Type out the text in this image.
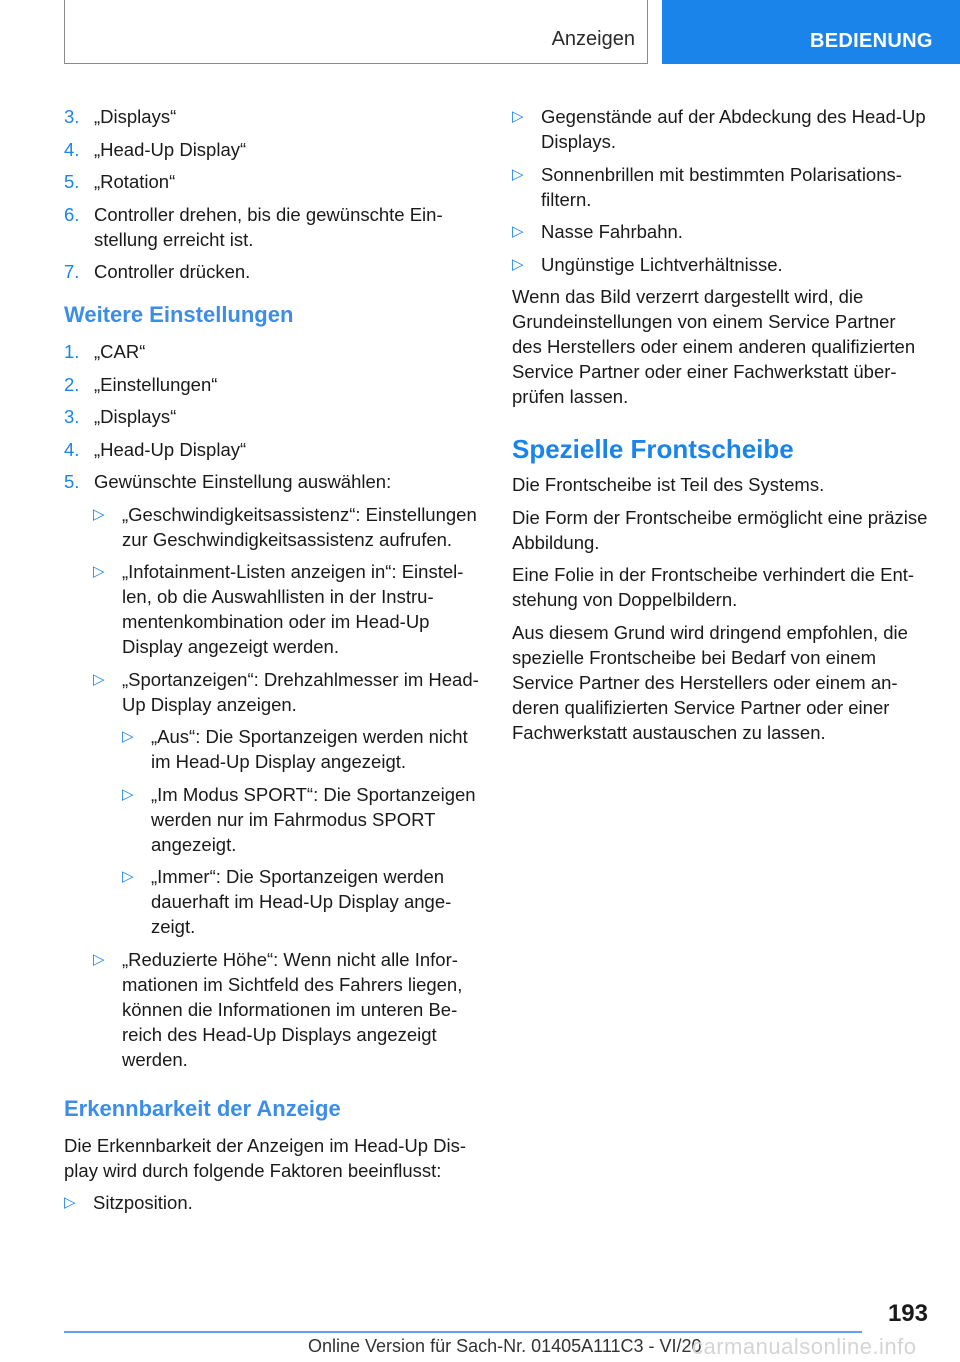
Anzeigen	BEDIENUNG
3. „Displays“
4. „Head-Up Display“
5. „Rotation“
6. Controller drehen, bis die gewünschte Einstellung erreicht ist.
7. Controller drücken.
Weitere Einstellungen
1. „CAR“
2. „Einstellungen“
3. „Displays“
4. „Head-Up Display“
5. Gewünschte Einstellung auswählen:
▷ „Geschwindigkeitsassistenz“: Einstellungen zur Geschwindigkeitsassistenz aufrufen.
▷ „Infotainment-Listen anzeigen in“: Einstellen, ob die Auswahllisten in der Instrumentenkombination oder im Head-Up Display angezeigt werden.
▷ „Sportanzeigen“: Drehzahlmesser im Head-Up Display anzeigen.
▷ „Aus“: Die Sportanzeigen werden nicht im Head-Up Display angezeigt.
▷ „Im Modus SPORT“: Die Sportanzeigen werden nur im Fahrmodus SPORT angezeigt.
▷ „Immer“: Die Sportanzeigen werden dauerhaft im Head-Up Display angezeigt.
▷ „Reduzierte Höhe“: Wenn nicht alle Informationen im Sichtfeld des Fahrers liegen, können die Informationen im unteren Bereich des Head-Up Displays angezeigt werden.
Erkennbarkeit der Anzeige
Die Erkennbarkeit der Anzeigen im Head-Up Display wird durch folgende Faktoren beeinflusst:
▷ Sitzposition.
▷ Gegenstände auf der Abdeckung des Head-Up Displays.
▷ Sonnenbrillen mit bestimmten Polarisationsfiltern.
▷ Nasse Fahrbahn.
▷ Ungünstige Lichtverhältnisse.
Wenn das Bild verzerrt dargestellt wird, die Grundeinstellungen von einem Service Partner des Herstellers oder einem anderen qualifizierten Service Partner oder einer Fachwerkstatt überprüfen lassen.
Spezielle Frontscheibe
Die Frontscheibe ist Teil des Systems.
Die Form der Frontscheibe ermöglicht eine präzise Abbildung.
Eine Folie in der Frontscheibe verhindert die Entstehung von Doppelbildern.
Aus diesem Grund wird dringend empfohlen, die spezielle Frontscheibe bei Bedarf von einem Service Partner des Herstellers oder einem anderen qualifizierten Service Partner oder einer Fachwerkstatt austauschen zu lassen.
193
Online Version für Sach-Nr. 01405A111C3 - VI/20
carmanualsonline.info
